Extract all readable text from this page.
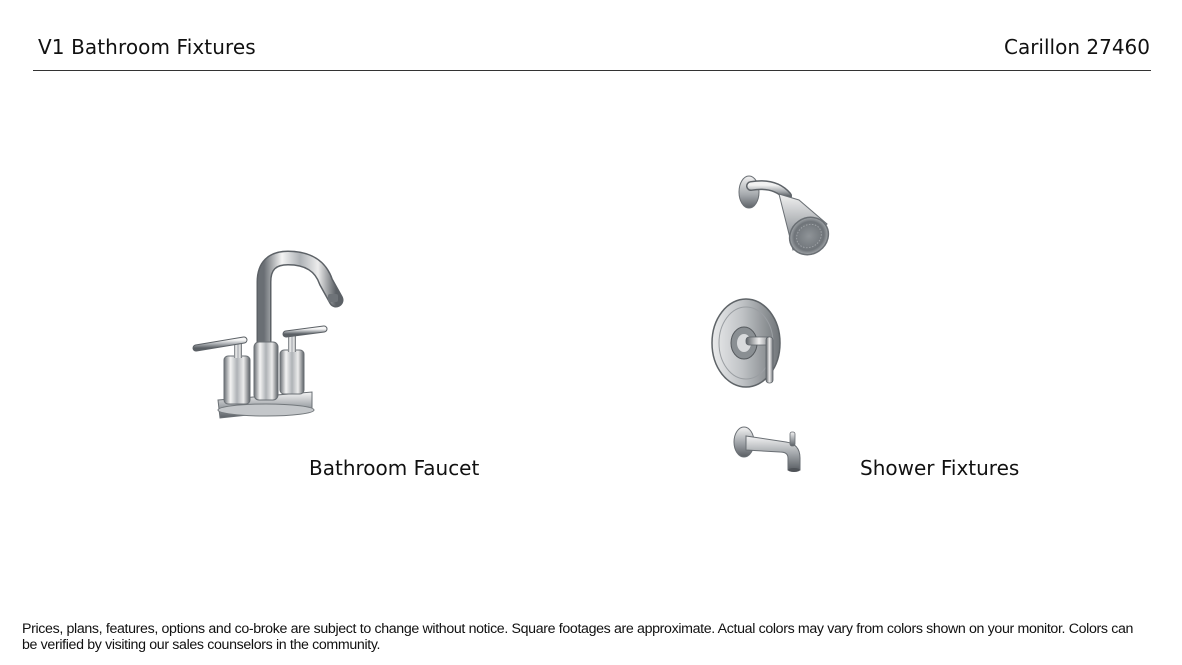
V1 Bathroom Fixtures	Carillon 27460
Bathroom Faucet	Shower Fixtures
Prices, plans, features, options and co-broke are subject to change without notice. Square footages are approximate. Actual colors may vary from colors shown on your monitor. Colors can be verified by visiting our sales counselors in the community.
